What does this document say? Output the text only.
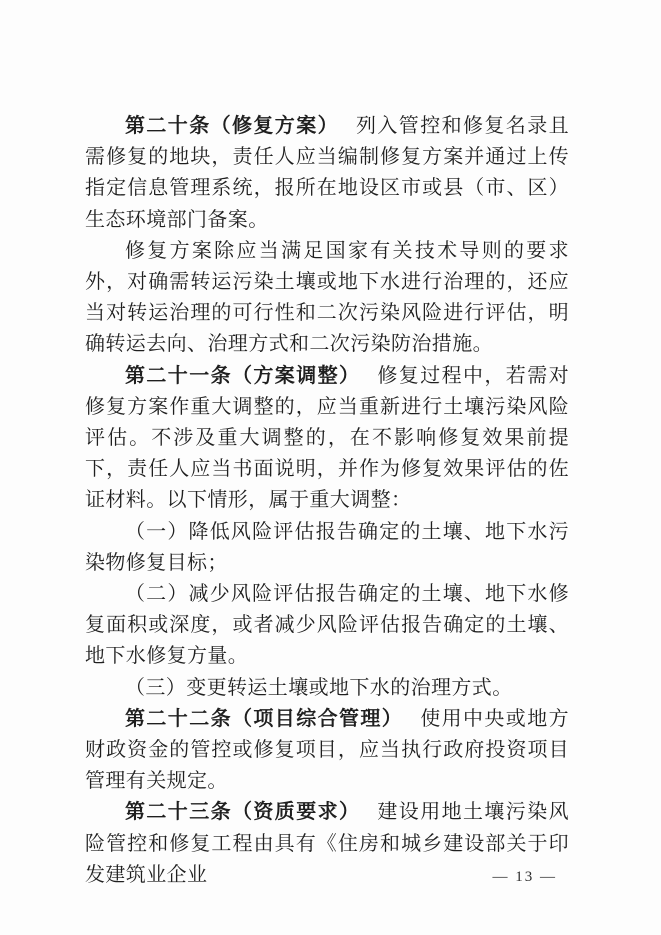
第二十条（修复方案） 列入管控和修复名录且需修复的地块，责任人应当编制修复方案并通过上传指定信息管理系统，报所在地设区市或县（市、区）生态环境部门备案。

修复方案除应当满足国家有关技术导则的要求外，对确需转运污染土壤或地下水进行治理的，还应当对转运治理的可行性和二次污染风险进行评估，明确转运去向、治理方式和二次污染防治措施。

第二十一条（方案调整） 修复过程中，若需对修复方案作重大调整的，应当重新进行土壤污染风险评估。不涉及重大调整的，在不影响修复效果前提下，责任人应当书面说明，并作为修复效果评估的佐证材料。以下情形，属于重大调整：

（一）降低风险评估报告确定的土壤、地下水污染物修复目标；

（二）减少风险评估报告确定的土壤、地下水修复面积或深度，或者减少风险评估报告确定的土壤、地下水修复方量。

（三）变更转运土壤或地下水的治理方式。

第二十二条（项目综合管理） 使用中央或地方财政资金的管控或修复项目，应当执行政府投资项目管理有关规定。

第二十三条（资质要求） 建设用地土壤污染风险管控和修复工程由具有《住房和城乡建设部关于印发建筑业企业	— 13 —
